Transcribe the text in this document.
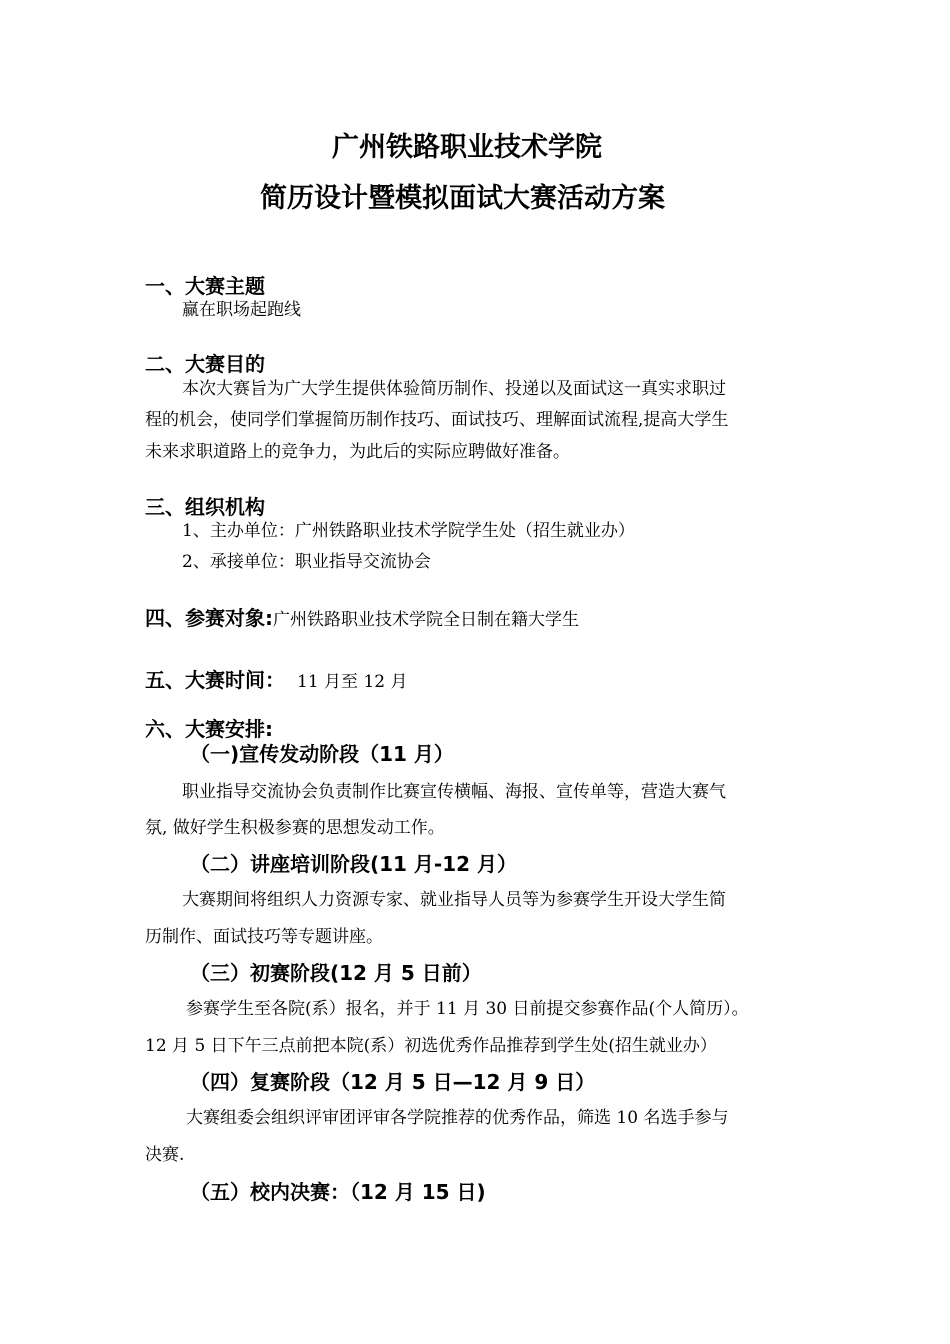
广州铁路职业技术学院
简历设计暨模拟面试大赛活动方案
一、大赛主题
赢在职场起跑线
二、大赛目的
本次大赛旨为广大学生提供体验简历制作、投递以及面试这一真实求职过
程的机会，使同学们掌握简历制作技巧、面试技巧、理解面试流程,提高大学生
未来求职道路上的竞争力，为此后的实际应聘做好准备。
三、组织机构
1、主办单位：广州铁路职业技术学院学生处（招生就业办）
2、承接单位：职业指导交流协会
四、参赛对象:广州铁路职业技术学院全日制在籍大学生
五、大赛时间： 11 月至 12 月
六、大赛安排:
（一)宣传发动阶段（11 月）
职业指导交流协会负责制作比赛宣传横幅、海报、宣传单等，营造大赛气
氛, 做好学生积极参赛的思想发动工作。
（二）讲座培训阶段(11 月-12 月）
大赛期间将组织人力资源专家、就业指导人员等为参赛学生开设大学生简
历制作、面试技巧等专题讲座。
（三）初赛阶段(12 月 5 日前）
参赛学生至各院(系）报名，并于 11 月 30 日前提交参赛作品(个人简历）。
12 月 5 日下午三点前把本院(系）初选优秀作品推荐到学生处(招生就业办）
（四）复赛阶段（12 月 5 日—12 月 9 日）
大赛组委会组织评审团评审各学院推荐的优秀作品，筛选 10 名选手参与
决赛.
（五）校内决赛：（12 月 15 日)
